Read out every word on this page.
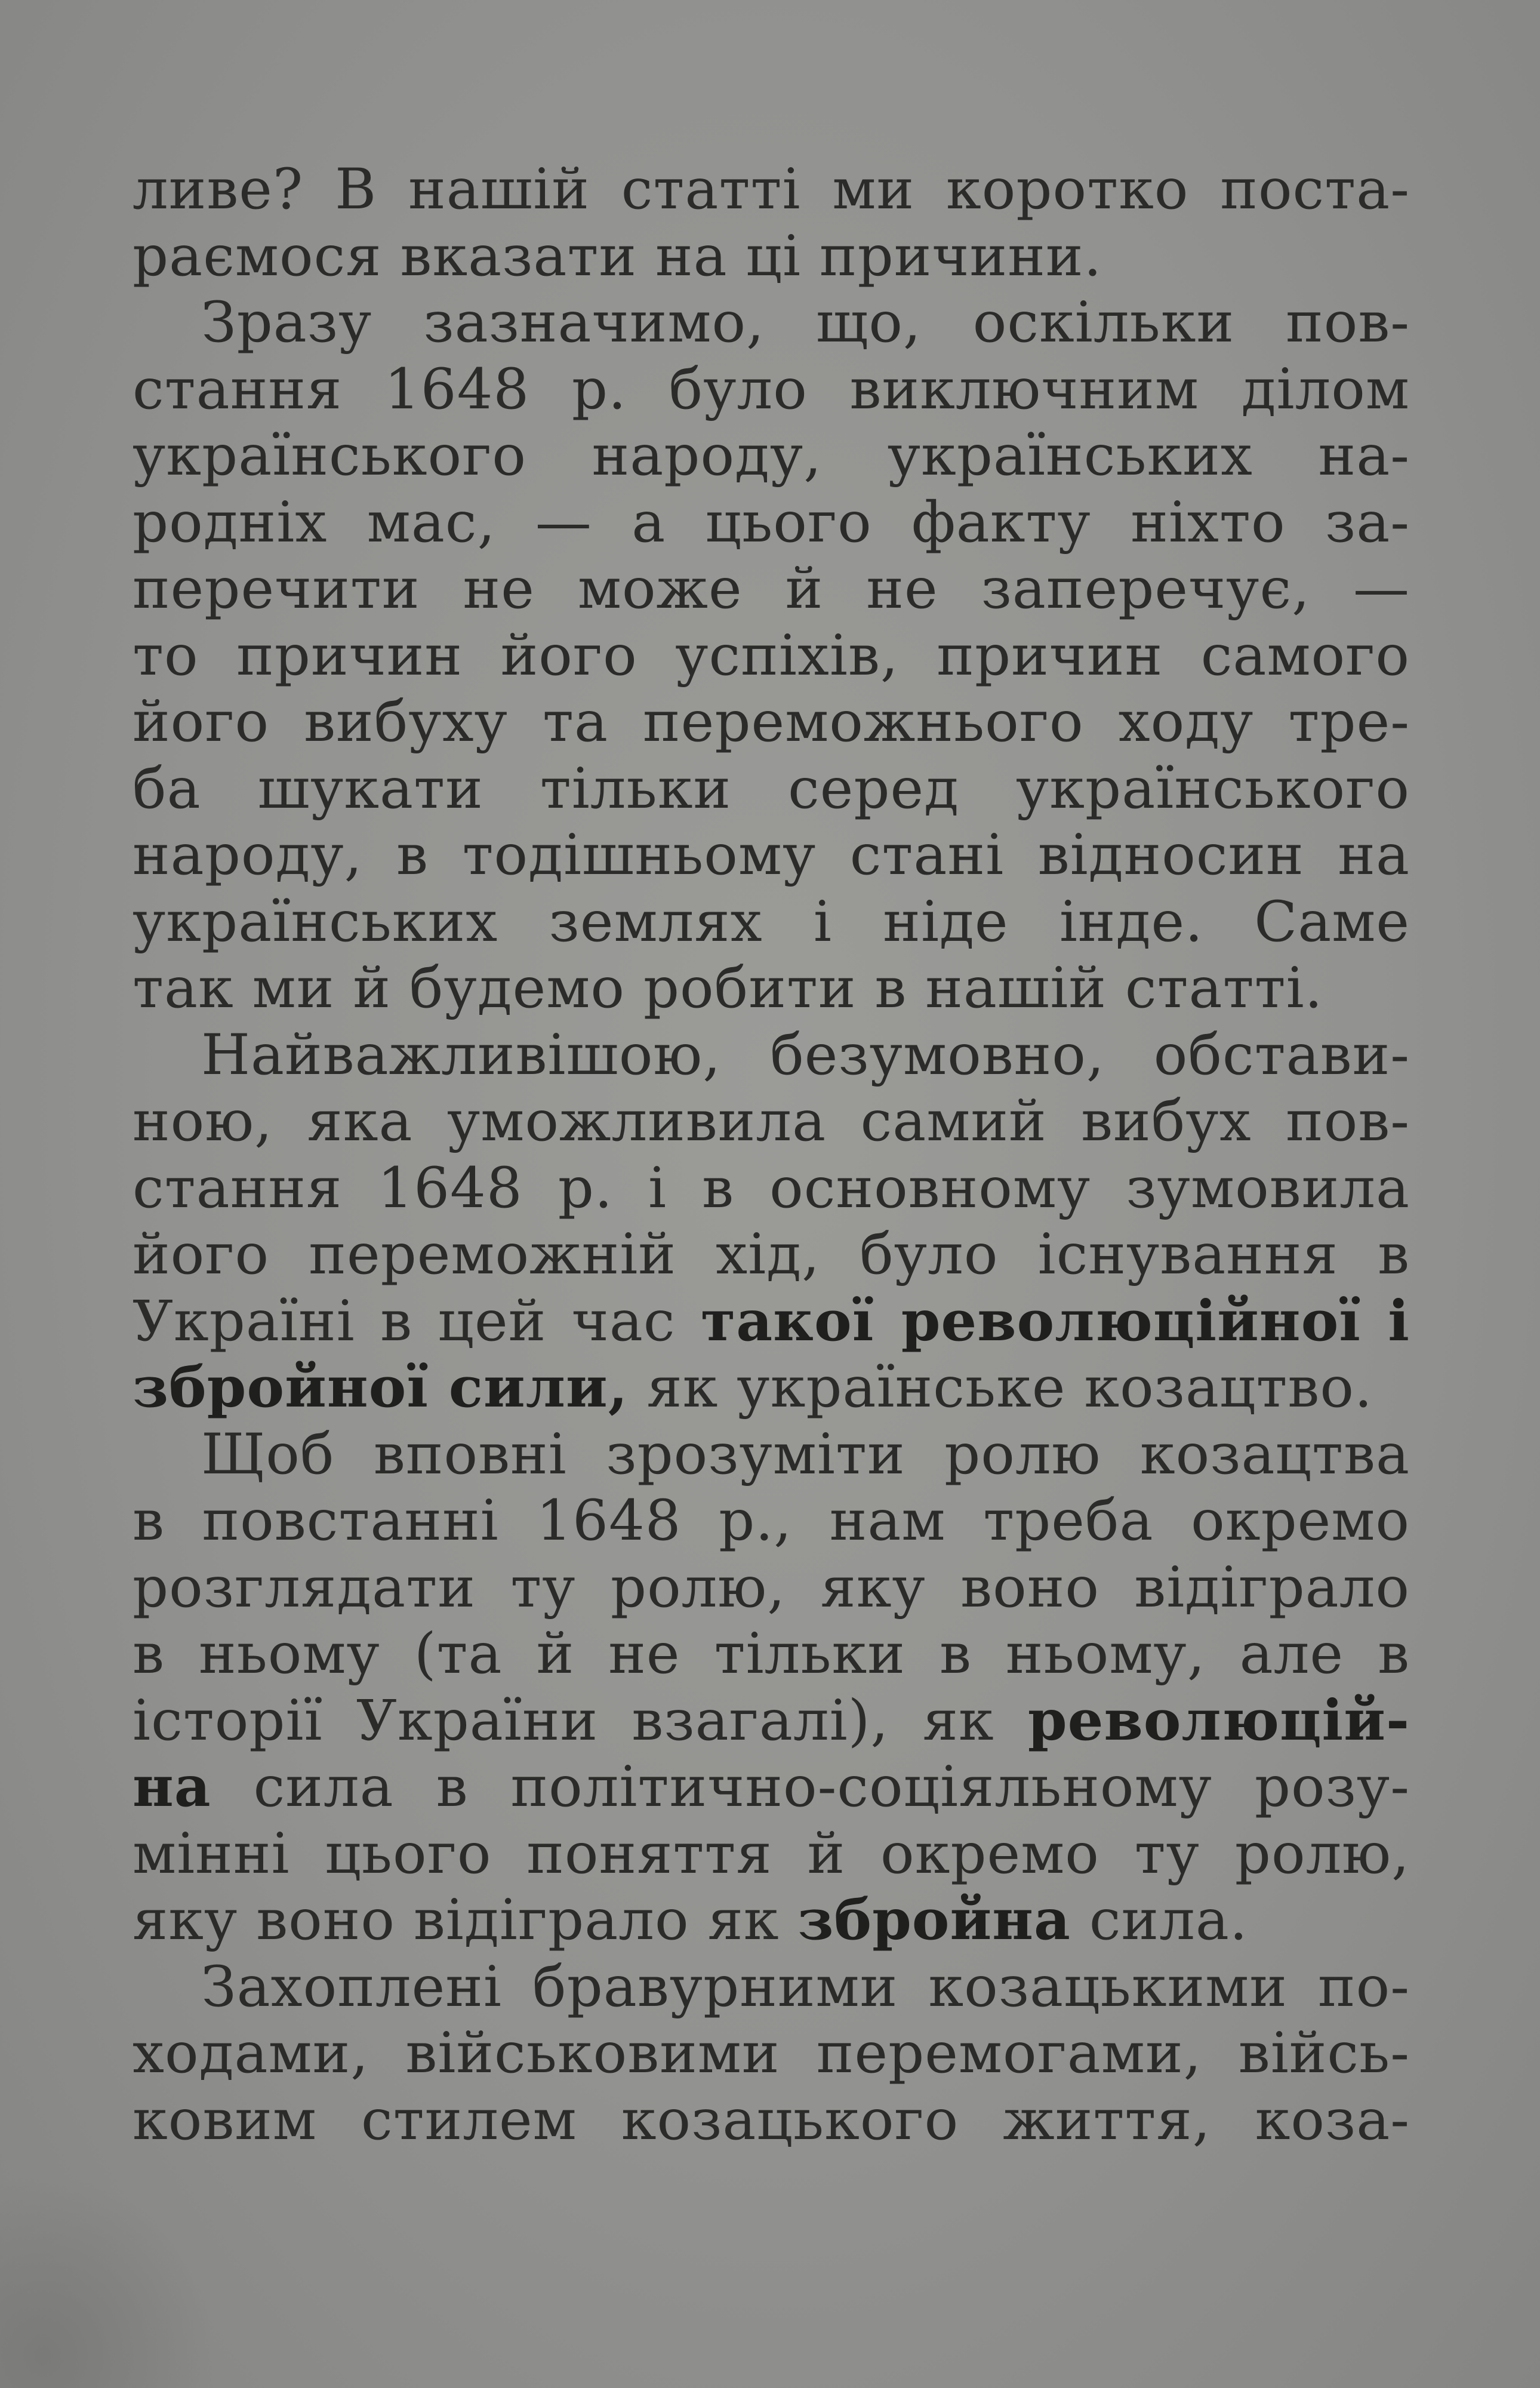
ливе? В нашій статті ми коротко поста-
раємося вказати на ці причини.
Зразу зазначимо, що, оскільки пов-
стання 1648 р. було виключним ділом
українського народу, українських на-
родніх мас, — а цього факту ніхто за-
перечити не може й не заперечує, —
то причин його успіхів, причин самого
його вибуху та переможнього ходу тре-
ба шукати тільки серед українського
народу, в тодішньому стані відносин на
українських землях і ніде інде. Саме
так ми й будемо робити в нашій статті.
Найважливішою, безумовно, обстави-
ною, яка уможливила самий вибух пов-
стання 1648 р. і в основному зумовила
його переможній хід, було існування в
Україні в цей час такої революційної і
збройної сили, як українське козацтво.
Щоб вповні зрозуміти ролю козацтва
в повстанні 1648 р., нам треба окремо
розглядати ту ролю, яку воно відіграло
в ньому (та й не тільки в ньому, але в
історії України взагалі), як революцій-
на сила в політично-соціяльному розу-
мінні цього поняття й окремо ту ролю,
яку воно відіграло як збройна сила.
Захоплені бравурними козацькими по-
ходами, військовими перемогами, війсь-
ковим стилем козацького життя, коза-
